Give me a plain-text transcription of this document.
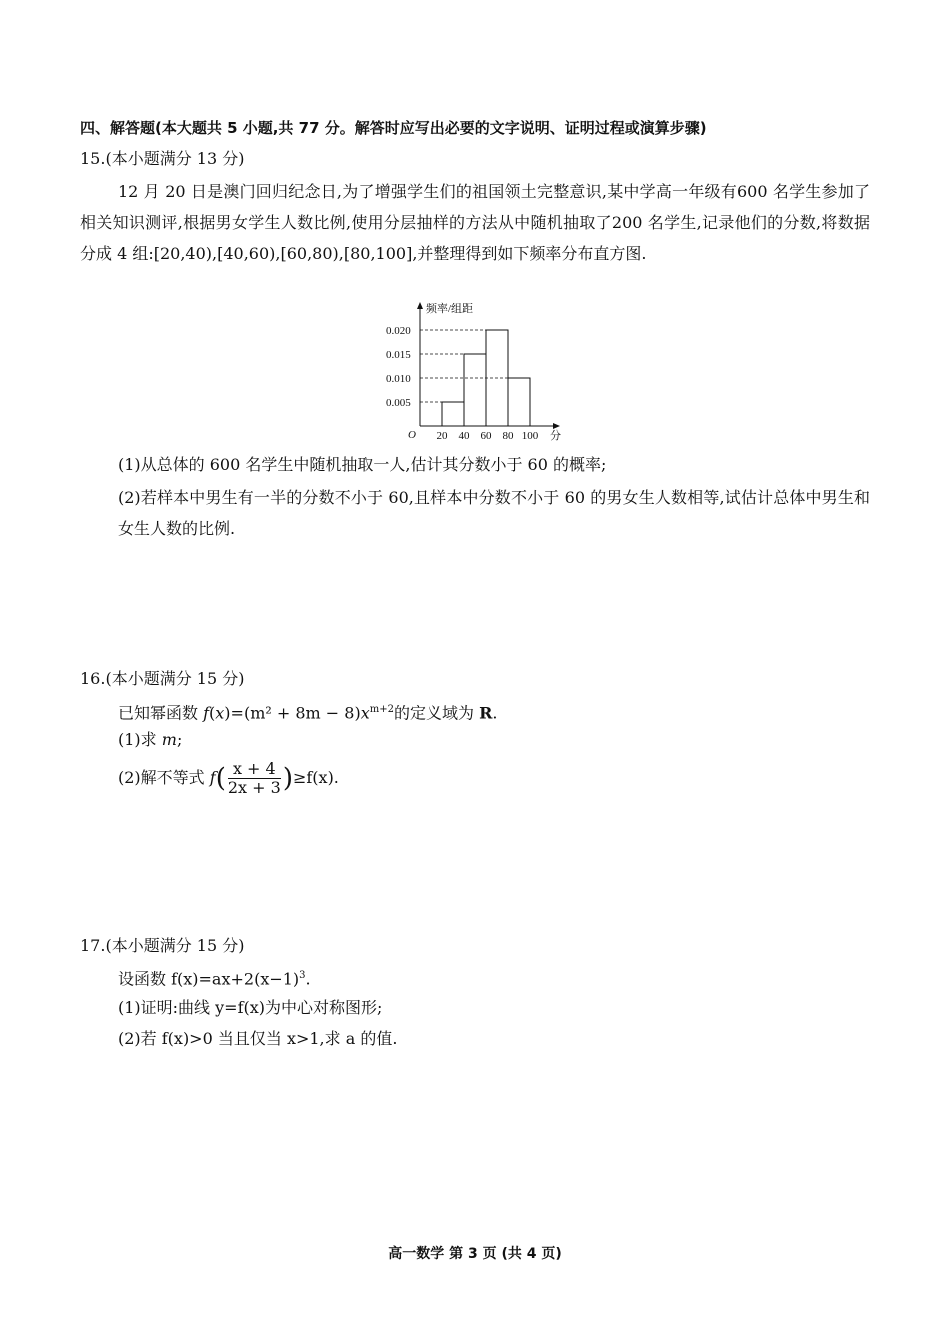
四、解答题(本大题共 5 小题,共 77 分。解答时应写出必要的文字说明、证明过程或演算步骤)
15.(本小题满分 13 分)
12 月 20 日是澳门回归纪念日,为了增强学生们的祖国领土完整意识,某中学高一年级有600 名学生参加了相关知识测评,根据男女学生人数比例,使用分层抽样的方法从中随机抽取了200 名学生,记录他们的分数,将数据分成 4 组:[20,40),[40,60),[60,80),[80,100],并整理得到如下频率分布直方图.
频率/组距
分
O
0.005
0.010
0.015
0.020
20 40 60 80 100
(1)从总体的 600 名学生中随机抽取一人,估计其分数小于 60 的概率;
(2)若样本中男生有一半的分数不小于 60,且样本中分数不小于 60 的男女生人数相等,试估计总体中男生和女生人数的比例.
16.(本小题满分 15 分)
已知幂函数 $f(x)=(m^2 + 8m - 8)x^{m+2}$的定义域为 R.
(1)求 m;
(2)解不等式 $f( \frac{x + 4}{2x + 3} )\ge f(x)$.
17.(本小题满分 15 分)
设函数 $f(x)=ax+2(x-1)^3$.
(1)证明:曲线 y=f(x)为中心对称图形;
(2)若 f(x)>0 当且仅当 x>1,求 a 的值.
高一数学 第 3 页 (共 4 页)
